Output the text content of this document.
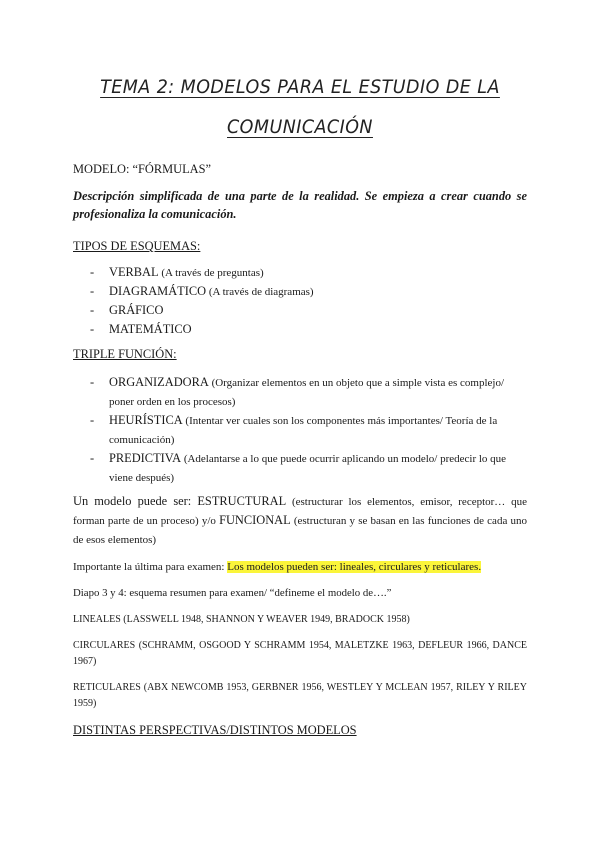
TEMA 2: MODELOS PARA EL ESTUDIO DE LA
COMUNICACIÓN
MODELO: “FÓRMULAS”
Descripción simplificada de una parte de la realidad. Se empieza a crear cuando se profesionaliza la comunicación.
TIPOS DE ESQUEMAS:
- VERBAL (A través de preguntas)
- DIAGRAMÁTICO (A través de diagramas)
- GRÁFICO
- MATEMÁTICO
TRIPLE FUNCIÓN:
- ORGANIZADORA (Organizar elementos en un objeto que a simple vista es complejo/ poner orden en los procesos)
- HEURÍSTICA (Intentar ver cuales son los componentes más importantes/ Teoría de la comunicación)
- PREDICTIVA (Adelantarse a lo que puede ocurrir aplicando un modelo/ predecir lo que viene después)
Un modelo puede ser: ESTRUCTURAL (estructurar los elementos, emisor, receptor… que forman parte de un proceso) y/o FUNCIONAL (estructuran y se basan en las funciones de cada uno de esos elementos)
Importante la última para examen: Los modelos pueden ser: lineales, circulares y reticulares.
Diapo 3 y 4: esquema resumen para examen/ “defineme el modelo de….”
LINEALES (LASSWELL 1948, SHANNON Y WEAVER 1949, BRADOCK 1958)
CIRCULARES (SCHRAMM, OSGOOD Y SCHRAMM 1954, MALETZKE 1963, DEFLEUR 1966, DANCE 1967)
RETICULARES (ABX NEWCOMB 1953, GERBNER 1956, WESTLEY Y MCLEAN 1957, RILEY Y RILEY 1959)
DISTINTAS PERSPECTIVAS/DISTINTOS MODELOS
